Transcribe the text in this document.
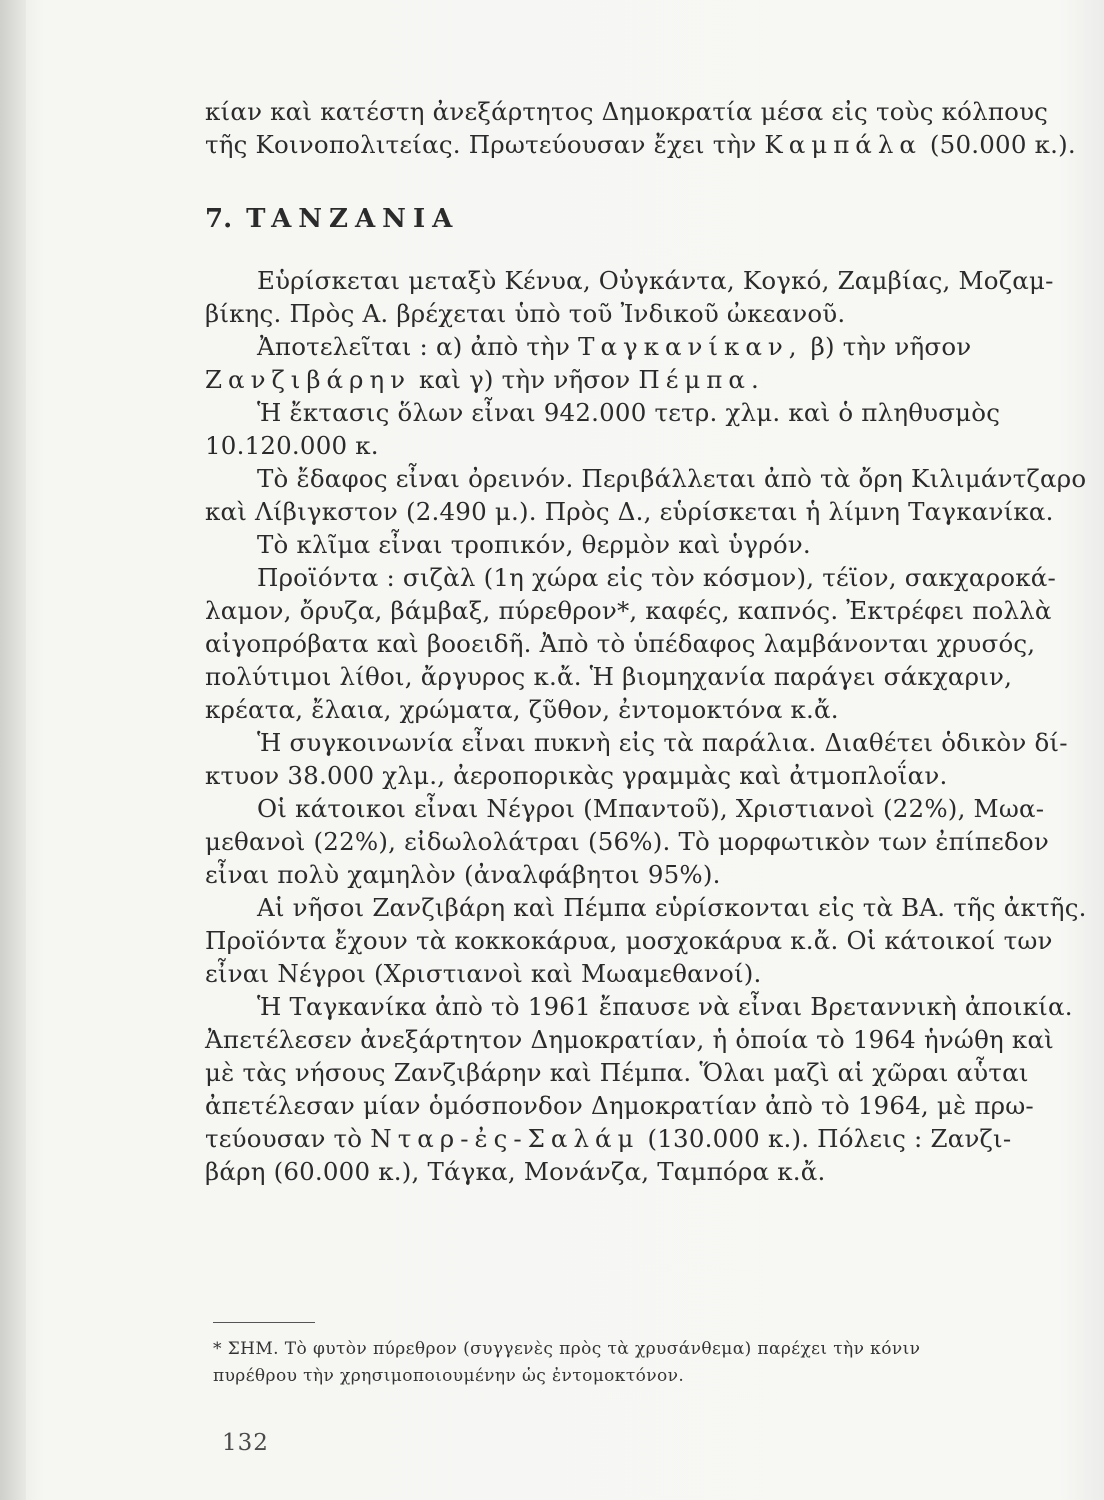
κίαν καὶ κατέστη ἀνεξάρτητος Δημοκρατία μέσα εἰς τοὺς κόλπους

τῆς Κοινοπολιτείας. Πρωτεύουσαν ἔχει τὴν Καμπάλα (50.000 κ.).

7. TANZANIA

Εὑρίσκεται μεταξὺ Κένυα, Οὐγκάντα, Κογκό, Ζαμβίας, Μοζαμ-

βίκης. Πρὸς Α. βρέχεται ὑπὸ τοῦ Ἰνδικοῦ ὠκεανοῦ.

Ἀποτελεῖται : α) ἀπὸ τὴν Ταγκανίκαν, β) τὴν νῆσον

Ζανζιβάρην καὶ γ) τὴν νῆσον Πέμπα.

Ἡ ἔκτασις ὅλων εἶναι 942.000 τετρ. χλμ. καὶ ὁ πληθυσμὸς

10.120.000 κ.

Τὸ ἔδαφος εἶναι ὀρεινόν. Περιβάλλεται ἀπὸ τὰ ὄρη Κιλιμάντζαρο

καὶ Λίβιγκστον (2.490 μ.). Πρὸς Δ., εὑρίσκεται ἡ λίμνη Ταγκανίκα.

Τὸ κλῖμα εἶναι τροπικόν, θερμὸν καὶ ὑγρόν.

Προϊόντα : σιζὰλ (1η χώρα εἰς τὸν κόσμον), τέϊον, σακχαροκά-

λαμον, ὄρυζα, βάμβαξ, πύρεθρον*, καφές, καπνός. Ἐκτρέφει πολλὰ

αἰγοπρόβατα καὶ βοοειδῆ. Ἀπὸ τὸ ὑπέδαφος λαμβάνονται χρυσός,

πολύτιμοι λίθοι, ἄργυρος κ.ἄ. Ἡ βιομηχανία παράγει σάκχαριν,

κρέατα, ἔλαια, χρώματα, ζῦθον, ἐντομοκτόνα κ.ἄ.

Ἡ συγκοινωνία εἶναι πυκνὴ εἰς τὰ παράλια. Διαθέτει ὁδικὸν δί-

κτυον 38.000 χλμ., ἀεροπορικὰς γραμμὰς καὶ ἀτμοπλοΐαν.

Οἱ κάτοικοι εἶναι Νέγροι (Μπαντοῦ), Χριστιανοὶ (22%), Μωα-

μεθανοὶ (22%), εἰδωλολάτραι (56%). Τὸ μορφωτικὸν των ἐπίπεδον

εἶναι πολὺ χαμηλὸν (ἀναλφάβητοι 95%).

Αἱ νῆσοι Ζανζιβάρη καὶ Πέμπα εὑρίσκονται εἰς τὰ ΒΑ. τῆς ἀκτῆς.

Προϊόντα ἔχουν τὰ κοκκοκάρυα, μοσχοκάρυα κ.ἄ. Οἱ κάτοικοί των

εἶναι Νέγροι (Χριστιανοὶ καὶ Μωαμεθανοί).

Ἡ Ταγκανίκα ἀπὸ τὸ 1961 ἔπαυσε νὰ εἶναι Βρεταννικὴ ἀποικία.

Ἀπετέλεσεν ἀνεξάρτητον Δημοκρατίαν, ἡ ὁποία τὸ 1964 ἡνώθη καὶ

μὲ τὰς νήσους Ζανζιβάρην καὶ Πέμπα. Ὅλαι μαζὶ αἱ χῶραι αὗται

ἀπετέλεσαν μίαν ὁμόσπονδον Δημοκρατίαν ἀπὸ τὸ 1964, μὲ πρω-

τεύουσαν τὸ Νταρ-ἐς-Σαλάμ (130.000 κ.). Πόλεις : Ζανζι-

βάρη (60.000 κ.), Τάγκα, Μονάνζα, Ταμπόρα κ.ἄ.

* ΣΗΜ. Τὸ φυτὸν πύρεθρον (συγγενὲς πρὸς τὰ χρυσάνθεμα) παρέχει τὴν κόνιν
πυρέθρου τὴν χρησιμοποιουμένην ὡς ἐντομοκτόνον.
132
